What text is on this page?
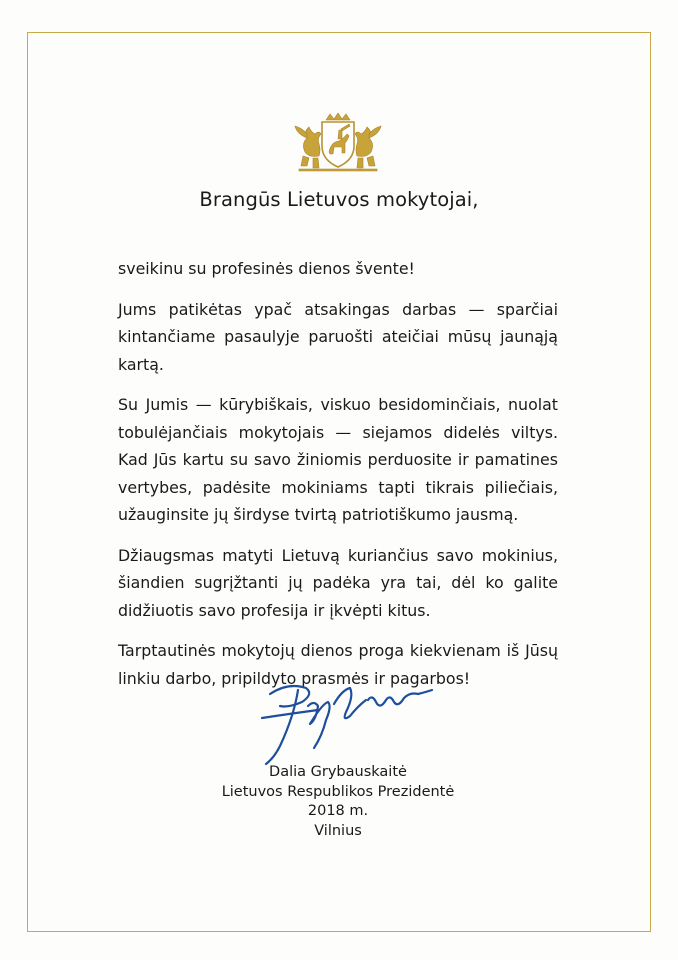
Brangūs Lietuvos mokytojai,

sveikinu su profesinės dienos švente!

Jums patikėtas ypač atsakingas darbas — sparčiai kintančiame pasaulyje paruošti ateičiai mūsų jaunąją kartą.

Su Jumis — kūrybiškais, viskuo besidominčiais, nuolat tobulėjančiais mokytojais — siejamos didelės viltys. Kad Jūs kartu su savo žiniomis perduosite ir pamatines vertybes, padėsite mokiniams tapti tikrais piliečiais, užauginsite jų širdyse tvirtą patriotiškumo jausmą.

Džiaugsmas matyti Lietuvą kuriančius savo mokinius, šiandien sugrįžtanti jų padėka yra tai, dėl ko galite didžiuotis savo profesija ir įkvėpti kitus.

Tarptautinės mokytojų dienos proga kiekvienam iš Jūsų linkiu darbo, pripildyto prasmės ir pagarbos!

Dalia Grybauskaitė
Lietuvos Respublikos Prezidentė
2018 m.
Vilnius
